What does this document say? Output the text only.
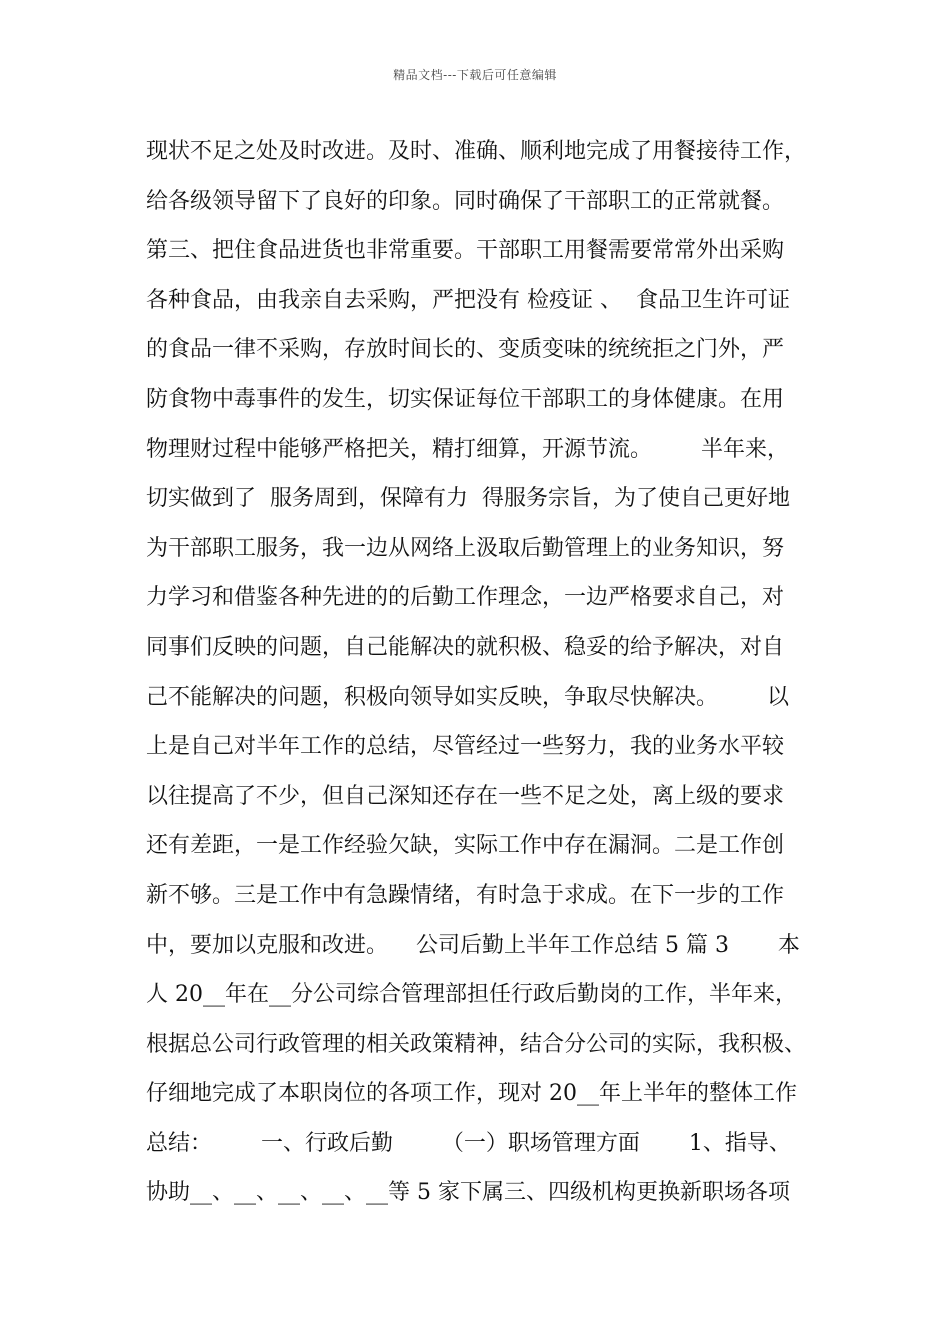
精品文档---下载后可任意编辑
现状不足之处及时改进。及时、准确、顺利地完成了用餐接待工作，
给各级领导留下了良好的印象。同时确保了干部职工的正常就餐。
第三、把住食品进货也非常重要。干部职工用餐需要常常外出采购
各种食品，由我亲自去采购，严把没有 检疫证 、  食品卫生许可证
的食品一律不采购，存放时间长的、变质变味的统统拒之门外，严
防食物中毒事件的发生，切实保证每位干部职工的身体健康。在用
物理财过程中能够严格把关，精打细算，开源节流。       半年来，
切实做到了  服务周到，保障有力  得服务宗旨，为了使自己更好地
为干部职工服务，我一边从网络上汲取后勤管理上的业务知识，努
力学习和借鉴各种先进的的后勤工作理念，一边严格要求自己，对
同事们反映的问题，自己能解决的就积极、稳妥的给予解决，对自
己不能解决的问题，积极向领导如实反映，争取尽快解决。       以
上是自己对半年工作的总结，尽管经过一些努力，我的业务水平较
以往提高了不少，但自己深知还存在一些不足之处，离上级的要求
还有差距，一是工作经验欠缺，实际工作中存在漏洞。二是工作创
新不够。三是工作中有急躁情绪，有时急于求成。在下一步的工作
中，要加以克服和改进。    公司后勤上半年工作总结 5 篇 3       本
人 20__年在__分公司综合管理部担任行政后勤岗的工作，半年来，
根据总公司行政管理的相关政策精神，结合分公司的实际，我积极、
仔细地完成了本职岗位的各项工作，现对 20__年上半年的整体工作
总结：       一、行政后勤       （一）职场管理方面       1、指导、
协助__、__、__、__、__等 5 家下属三、四级机构更换新职场各项
